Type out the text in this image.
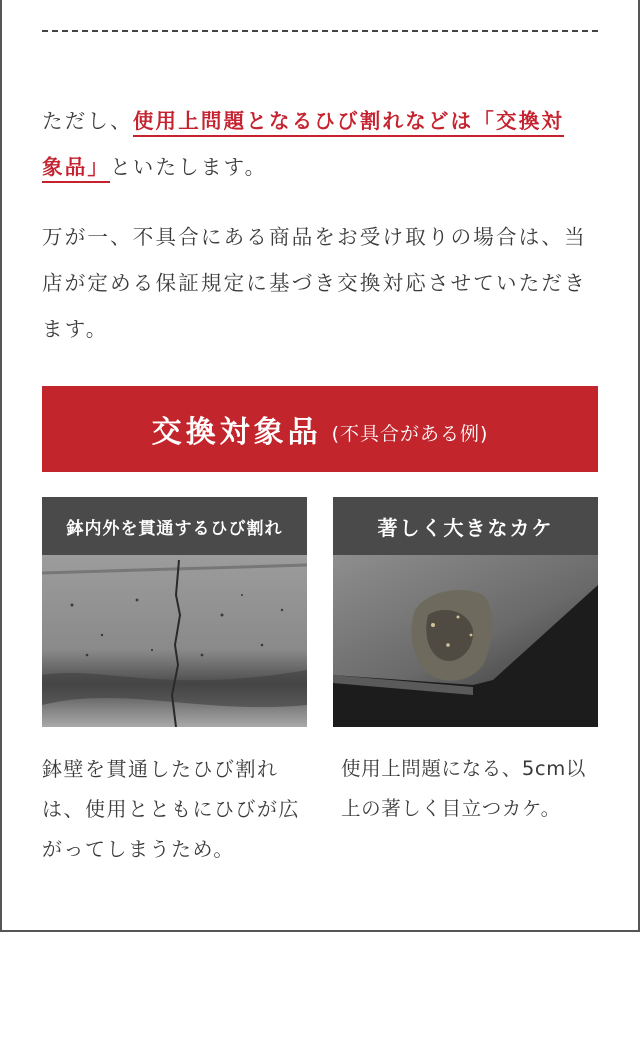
ただし、使用上問題となるひび割れなどは「交換対
象品」といたします。

万が一、不具合にある商品をお受け取りの場合は、当店が定める保証規定に基づき交換対応させていただきます。

交換対象品 (不具合がある例)
鉢内外を貫通するひび割れ
鉢壁を貫通したひび割れは、使用とともにひびが広がってしまうため。
著しく大きなカケ
使用上問題になる、5cm以上の著しく目立つカケ。
